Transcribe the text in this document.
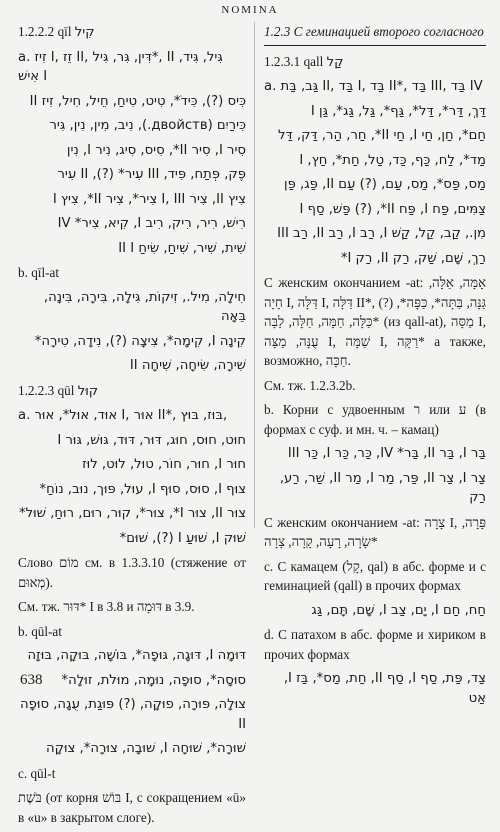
NOMINA

1.2.2.2 qīl קִיל

a. זִיז I, זֵז II, דִּין, גִּר, גִּיל*, II גִּיל, גִּיד, אִישׁ I

כִּיס (?), כִּידֹ*, טִיט, טִיחַ, חֵיל, חִיל, זִיז II

כִּירַיִם (двойств.), נִיב, מִין, נִין, גִּיר

סִיר I, סִיר II*, סִיס, סִיג, נִיר I, נִין

פֶּק, פְּתַח, פִּיד, III עִיר* (?), II עִיר

צִיץ II, צִיר I, III צִיר*, צִיר II*, צִיץ I

רִישׁ, רִיר, רִיק, רִיב I, קִיא, צִיר* IV

שִׁית, שִׁיר, שִׁיחַ, שִׂיחַ II I

b. qīl-at

חִילָה, מִיל., זִיקוֹת, גִּילָה, בִּירָה, בִּינָה, בֵּאָה

קִינָה I, קִימָה*, צִיצָה (?), נִידָה, טִירָה*

שִׁירָה, שִׂיחָה, שִׁיחָה II

1.2.2.3 qūl קוּל

a. אוּד, אוּל*, אוּר I, אוּר II*, בּוּז, בּוּץ,

חוּט, חוּס, חוּג, דּוּר, דּוּד, גּוּשׁ, גּוּר I

חוּר I, חוּר, חוֹר, טוּל, לוּט, לוּז

צוּף I, סוּס, סוּף I, עוּל, פּוּך, נוּב, נוֹחַ*

צוּר II, צוּר I*, צוּר*, קוּר, רוּם, רוּחַ, שׁוּל*

שׁוּק I, שׁוּעַ I (?), שׁוּם*

Слово מוֹם см. в 1.3.3.10 (стяжение от מְאוּם).

См. тж. דּוּר* I в 3.8 и דּוּמָה в 3.9.

b. qūl-at

דּוּמָה I, דּוּגָה, גּוּפָה*, בּוֹשָׁה, בּוּקָה, בּוּזָה

סוּסָה*, סוּפָה, נוּמָה, מוּלֹת, זוּלָה*

צוּלָה, פּוּרָה, פוּקָה, (?) פּוּגַת, עֻגָה, סוּפָה II

שׁוּרָה*, שׁוּחָה I, שׁוּבָה, צוּרָה*, צוּקָה

c. qūl-t

בֹּשֶׁת (от корня בּוֹשׁ I, с сокращением «ū» в «u» в закрытом слоге).

1.2.3 С геминацией второго согласного

1.2.3.1 qall קַל

a. גַּב, בַּת II, בַּד I, בַּד II*, בַּד III, בַּד IV

דַּךְ, דַּר*, דַּל*, גַּף*, גַּל, גַּג*, גַּן I

חַם*, חַן, חַי I, חַי II*, חַר, הַר, דַּק, דַּל

מַד*, לַח, כַּף, כַּד, טַל, חַת*, חַץ, I

מַס, פַּס*, מַס, עַם, (?) עַם II, פַּג, פַּן

צַמִּים, פַּח I, פַּח II*, (?) פַּשׁ, סַף I

מִן., קַב, קַל, קַשׁ I, רַב I, רַב II, רַב III

רַךְ, שָׁם, שַׁק, רַק II, רַק I*

С женским окончанием -at: אָמָּה, אַלָּה, חָיָה I, דַּלָּה I, דַּלָּה II*, גַּנָּה, בַּתָּה*, כַּפָּה*, (?) כַּלָּה, חַמָּה, חַלָּה, לַבָּה* (из qall-at), מַסָּה I, עֻנָּה, מַצָּה I, שַׁמָּה I, רַקָּה* а также, возможно, חַכָּה.

См. тж. 1.2.3.2b.

b. Корни с удвоенным ר или ע (в формах с суф. и мн. ч. – камац)

בַּר I, בַּר II, בַּר* IV, כַּר, כַּר I, כַּר III

צַר I, צַר II, פַּר, מַר I, מַר II, שַׁר, רַע, רַק

С женским окончанием -at: צָרָה I, פָּרָה, שָׂרָה, רָעָה, קָרָה, צָרָה*

c. С камацем (קָל, qal) в абс. форме и с геминацией (qall) в прочих формах

חַח, חַם I, יָם, צַב I, שָׁם, תָּם, גַּג

d. С патахом в абс. форме и хириком в прочих формах

צַד, פַּת, סַף I, סַף II, חַת, מַס*, בַּז I, אַט

638
